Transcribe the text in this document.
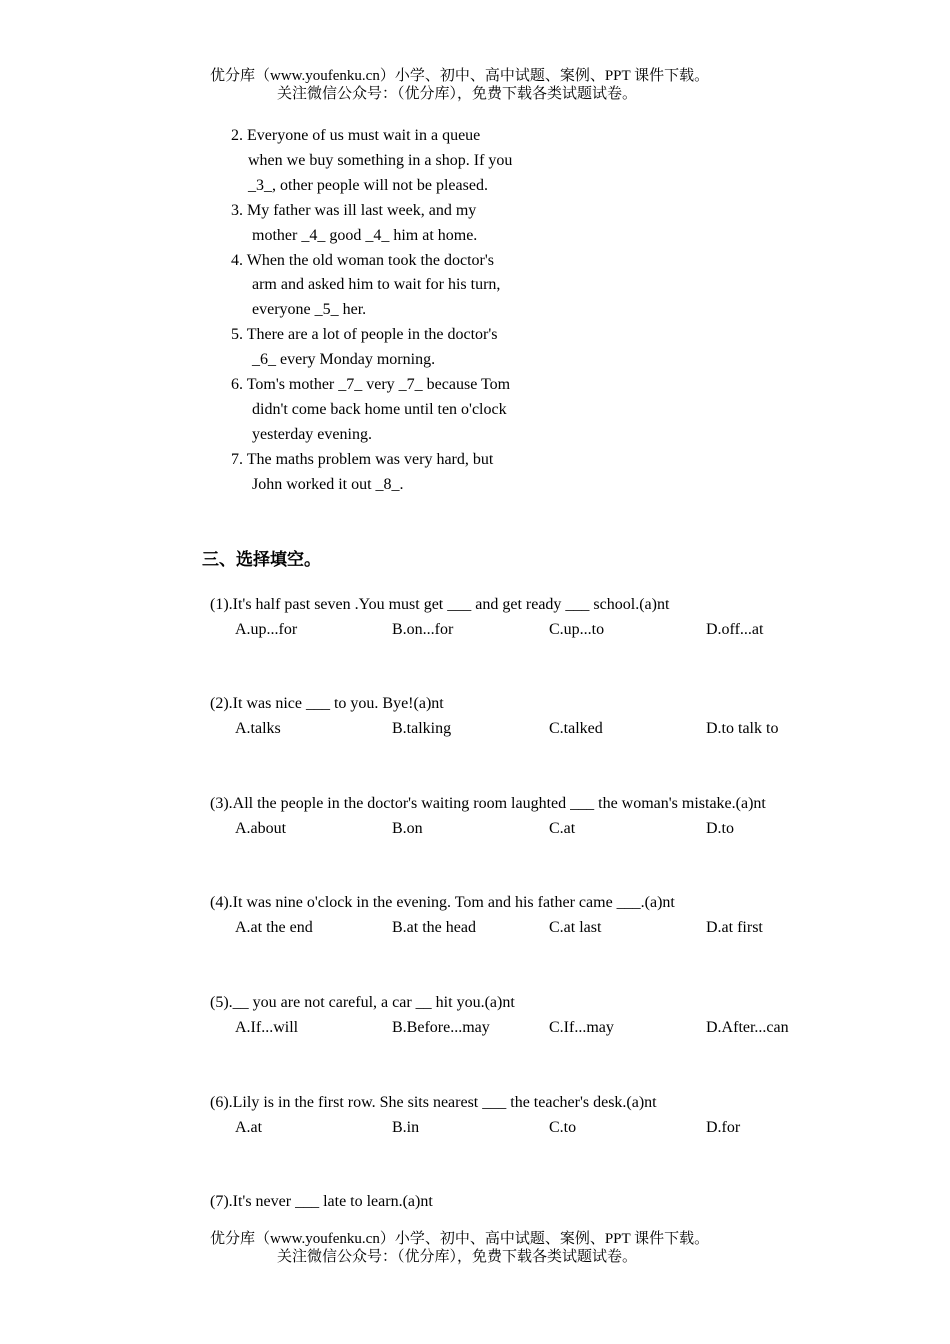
优分库（www.youfenku.cn）小学、初中、高中试题、案例、PPT 课件下载。
关注微信公众号：（优分库），免费下载各类试题试卷。
2. Everyone of us must wait in a queue
when we buy something in a shop. If you
_3_, other people will not be pleased.
3. My father was ill last week, and my
mother _4_ good _4_ him at home.
4. When the old woman took the doctor's
arm and asked him to wait for his turn,
everyone _5_ her.
5. There are a lot of people in the doctor's
_6_ every Monday morning.
6. Tom's mother _7_ very _7_ because Tom
didn't come back home until ten o'clock
yesterday evening.
7. The maths problem was very hard, but
John worked it out _8_.
三、选择填空。
(1).It's half past seven .You must get ___ and get ready ___ school.(a)nt
A.up...for	B.on...for	C.up...to	D.off...at
(2).It was nice ___ to you. Bye!(a)nt
A.talks	B.talking	C.talked	D.to talk to
(3).All the people in the doctor's waiting room laughted ___ the woman's mistake.(a)nt
A.about	B.on	C.at	D.to
(4).It was nine o'clock in the evening. Tom and his father came ___.(a)nt
A.at the end	B.at the head	C.at last	D.at first
(5).__ you are not careful, a car __ hit you.(a)nt
A.If...will	B.Before...may	C.If...may	D.After...can
(6).Lily is in the first row. She sits nearest ___ the teacher's desk.(a)nt
A.at	B.in	C.to	D.for
(7).It's never ___ late to learn.(a)nt
优分库（www.youfenku.cn）小学、初中、高中试题、案例、PPT 课件下载。
关注微信公众号：（优分库），免费下载各类试题试卷。
